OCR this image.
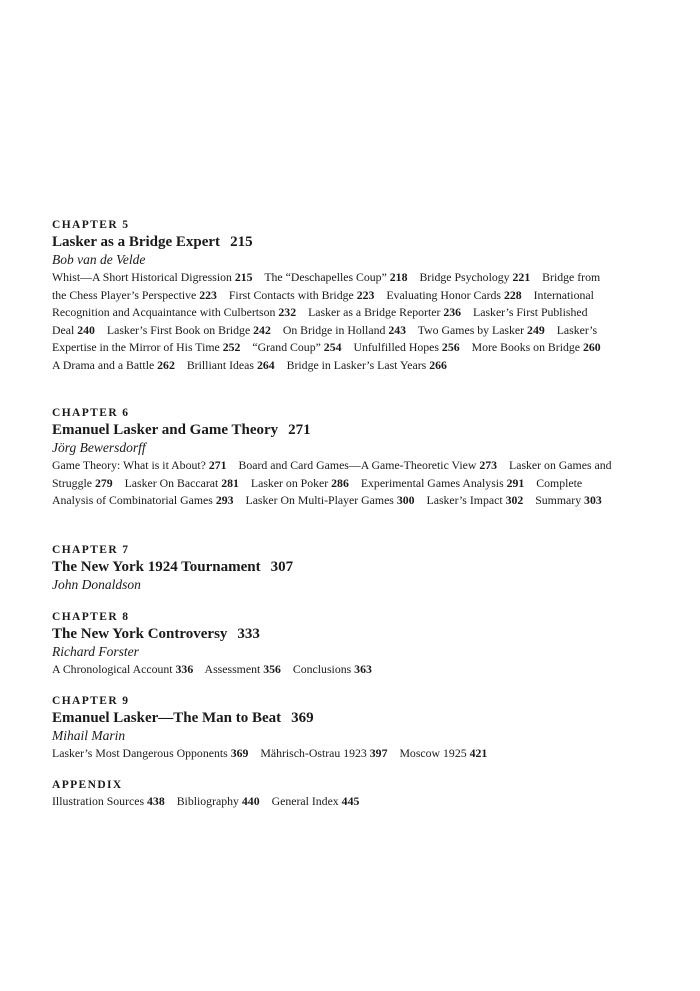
CHAPTER 5
Lasker as a Bridge Expert 215
Bob van de Velde
Whist—A Short Historical Digression 215 The “Deschapelles Coup” 218 Bridge Psychology 221 Bridge from the Chess Player’s Perspective 223 First Contacts with Bridge 223 Evaluating Honor Cards 228 International Recognition and Acquaintance with Culbertson 232 Lasker as a Bridge Reporter 236 Lasker’s First Published Deal 240 Lasker’s First Book on Bridge 242 On Bridge in Holland 243 Two Games by Lasker 249 Lasker’s Expertise in the Mirror of His Time 252 “Grand Coup” 254 Unfulfilled Hopes 256 More Books on Bridge 260 A Drama and a Battle 262 Brilliant Ideas 264 Bridge in Lasker’s Last Years 266
CHAPTER 6
Emanuel Lasker and Game Theory 271
Jörg Bewersdorff
Game Theory: What is it About? 271 Board and Card Games—A Game-Theoretic View 273 Lasker on Games and Struggle 279 Lasker On Baccarat 281 Lasker on Poker 286 Experimental Games Analysis 291 Complete Analysis of Combinatorial Games 293 Lasker On Multi-Player Games 300 Lasker’s Impact 302 Summary 303
CHAPTER 7
The New York 1924 Tournament 307
John Donaldson
CHAPTER 8
The New York Controversy 333
Richard Forster
A Chronological Account 336 Assessment 356 Conclusions 363
CHAPTER 9
Emanuel Lasker—The Man to Beat 369
Mihail Marin
Lasker’s Most Dangerous Opponents 369 Mährisch-Ostrau 1923 397 Moscow 1925 421
APPENDIX
Illustration Sources 438 Bibliography 440 General Index 445
